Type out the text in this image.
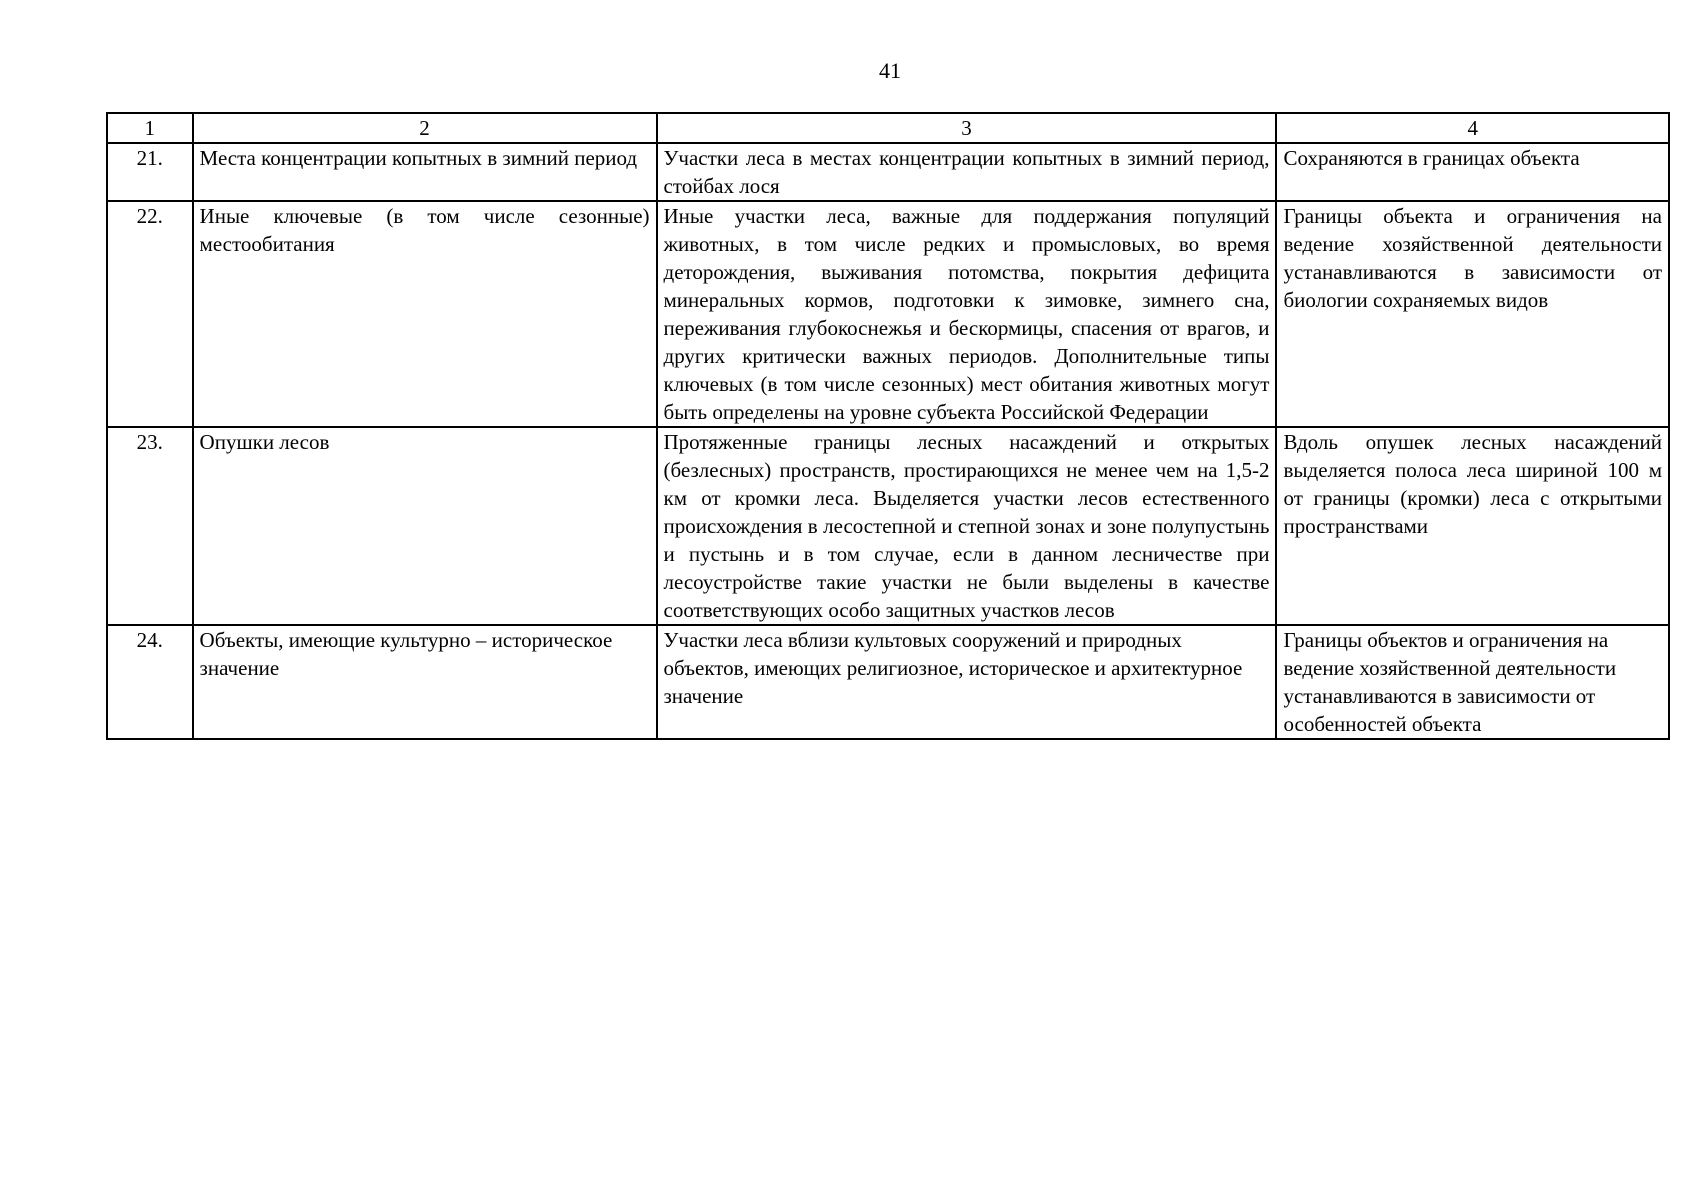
41
1	2	3	4
21.	Места концентрации копытных в зимний период	Участки леса в местах концентрации копытных в зимний период, стойбах лося	Сохраняются в границах объекта
22.	Иные ключевые (в том числе сезонные) местообитания	Иные участки леса, важные для поддержания популяций животных, в том числе редких и промысловых, во время деторождения, выживания потомства, покрытия дефицита минеральных кормов, подготовки к зимовке, зимнего сна, переживания глубокоснежья и бескормицы, спасения от врагов, и других критически важных периодов. Дополнительные типы ключевых (в том числе сезонных) мест обитания животных могут быть определены на уровне субъекта Российской Федерации	Границы объекта и ограничения на ведение хозяйственной деятельности устанавливаются в зависимости от биологии сохраняемых видов
23.	Опушки лесов	Протяженные границы лесных насаждений и открытых (безлесных) пространств, простирающихся не менее чем на 1,5-2 км от кромки леса. Выделяется участки лесов естественного происхождения в лесостепной и степной зонах и зоне полупустынь и пустынь и в том случае, если в данном лесничестве при лесоустройстве такие участки не были выделены в качестве соответствующих особо защитных участков лесов	Вдоль опушек лесных насаждений выделяется полоса леса шириной 100 м от границы (кромки) леса с открытыми пространствами
24.	Объекты, имеющие культурно – историческое значение	Участки леса вблизи культовых сооружений и природных объектов, имеющих религиозное, историческое и архитектурное значение	Границы объектов и ограничения на ведение хозяйственной деятельности устанавливаются в зависимости от особенностей объекта
